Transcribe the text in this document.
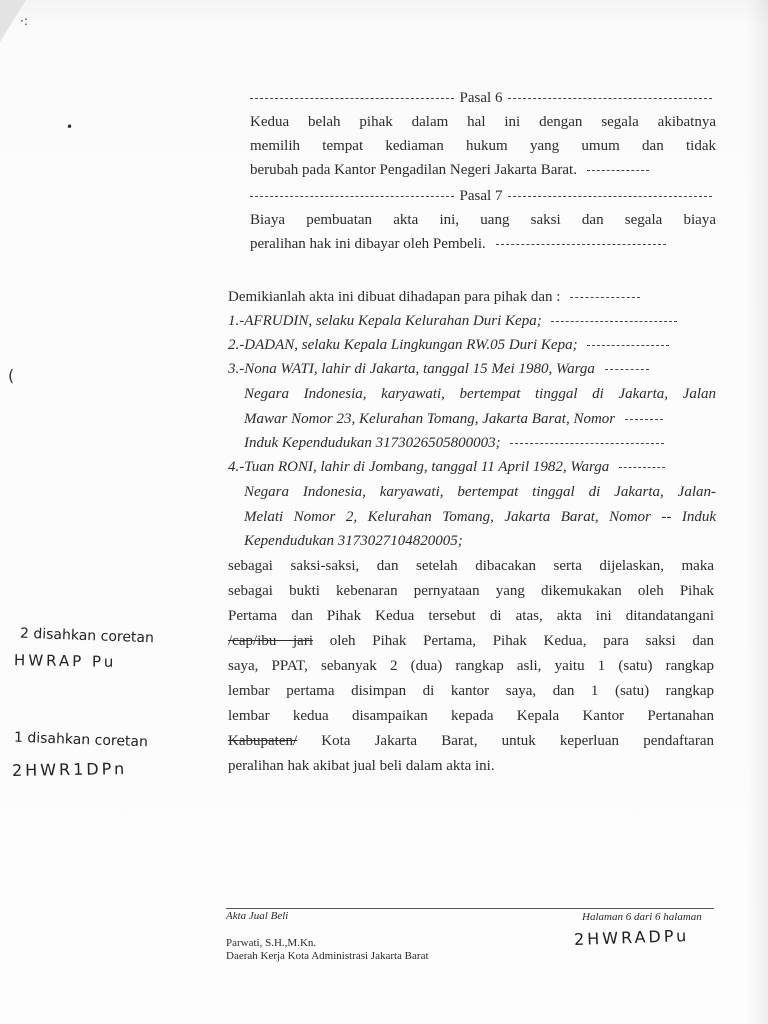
·:
•
(
Pasal 6
Kedua belah pihak dalam hal ini dengan segala akibatnya
memilih tempat kediaman hukum yang umum dan tidak
berubah pada Kantor Pengadilan Negeri Jakarta Barat.
Pasal 7
Biaya pembuatan akta ini, uang saksi dan segala biaya
peralihan hak ini dibayar oleh Pembeli.
Demikianlah akta ini dibuat dihadapan para pihak dan :
1.-AFRUDIN, selaku Kepala Kelurahan Duri Kepa;
2.-DADAN, selaku Kepala Lingkungan RW.05 Duri Kepa;
3.-Nona WATI, lahir di Jakarta, tanggal 15 Mei 1980, Warga
Negara Indonesia, karyawati, bertempat tinggal di Jakarta, Jalan
Mawar Nomor 23, Kelurahan Tomang, Jakarta Barat, Nomor
Induk Kependudukan 3173026505800003;
4.-Tuan RONI, lahir di Jombang, tanggal 11 April 1982, Warga
Negara Indonesia, karyawati, bertempat tinggal di Jakarta, Jalan-
Melati Nomor 2, Kelurahan Tomang, Jakarta Barat, Nomor -- Induk
Kependudukan 3173027104820005;
sebagai saksi-saksi, dan setelah dibacakan serta dijelaskan, maka
sebagai bukti kebenaran pernyataan yang dikemukakan oleh Pihak
Pertama dan Pihak Kedua tersebut di atas, akta ini ditandatangani
/cap/ibu jari oleh Pihak Pertama, Pihak Kedua, para saksi dan
saya, PPAT, sebanyak 2 (dua) rangkap asli, yaitu 1 (satu) rangkap
lembar pertama disimpan di kantor saya, dan 1 (satu) rangkap
lembar kedua disampaikan kepada Kepala Kantor Pertanahan
Kabupaten/ Kota Jakarta Barat, untuk keperluan pendaftaran
peralihan hak akibat jual beli dalam akta ini.
2 disahkan coretan
HWRAP Pu
1 disahkan coretan
2HWR1DPn
Akta Jual Beli	Halaman 6 dari 6 halaman
Parwati, S.H.,M.Kn.
Daerah Kerja Kota Administrasi Jakarta Barat
2HWRADPu
